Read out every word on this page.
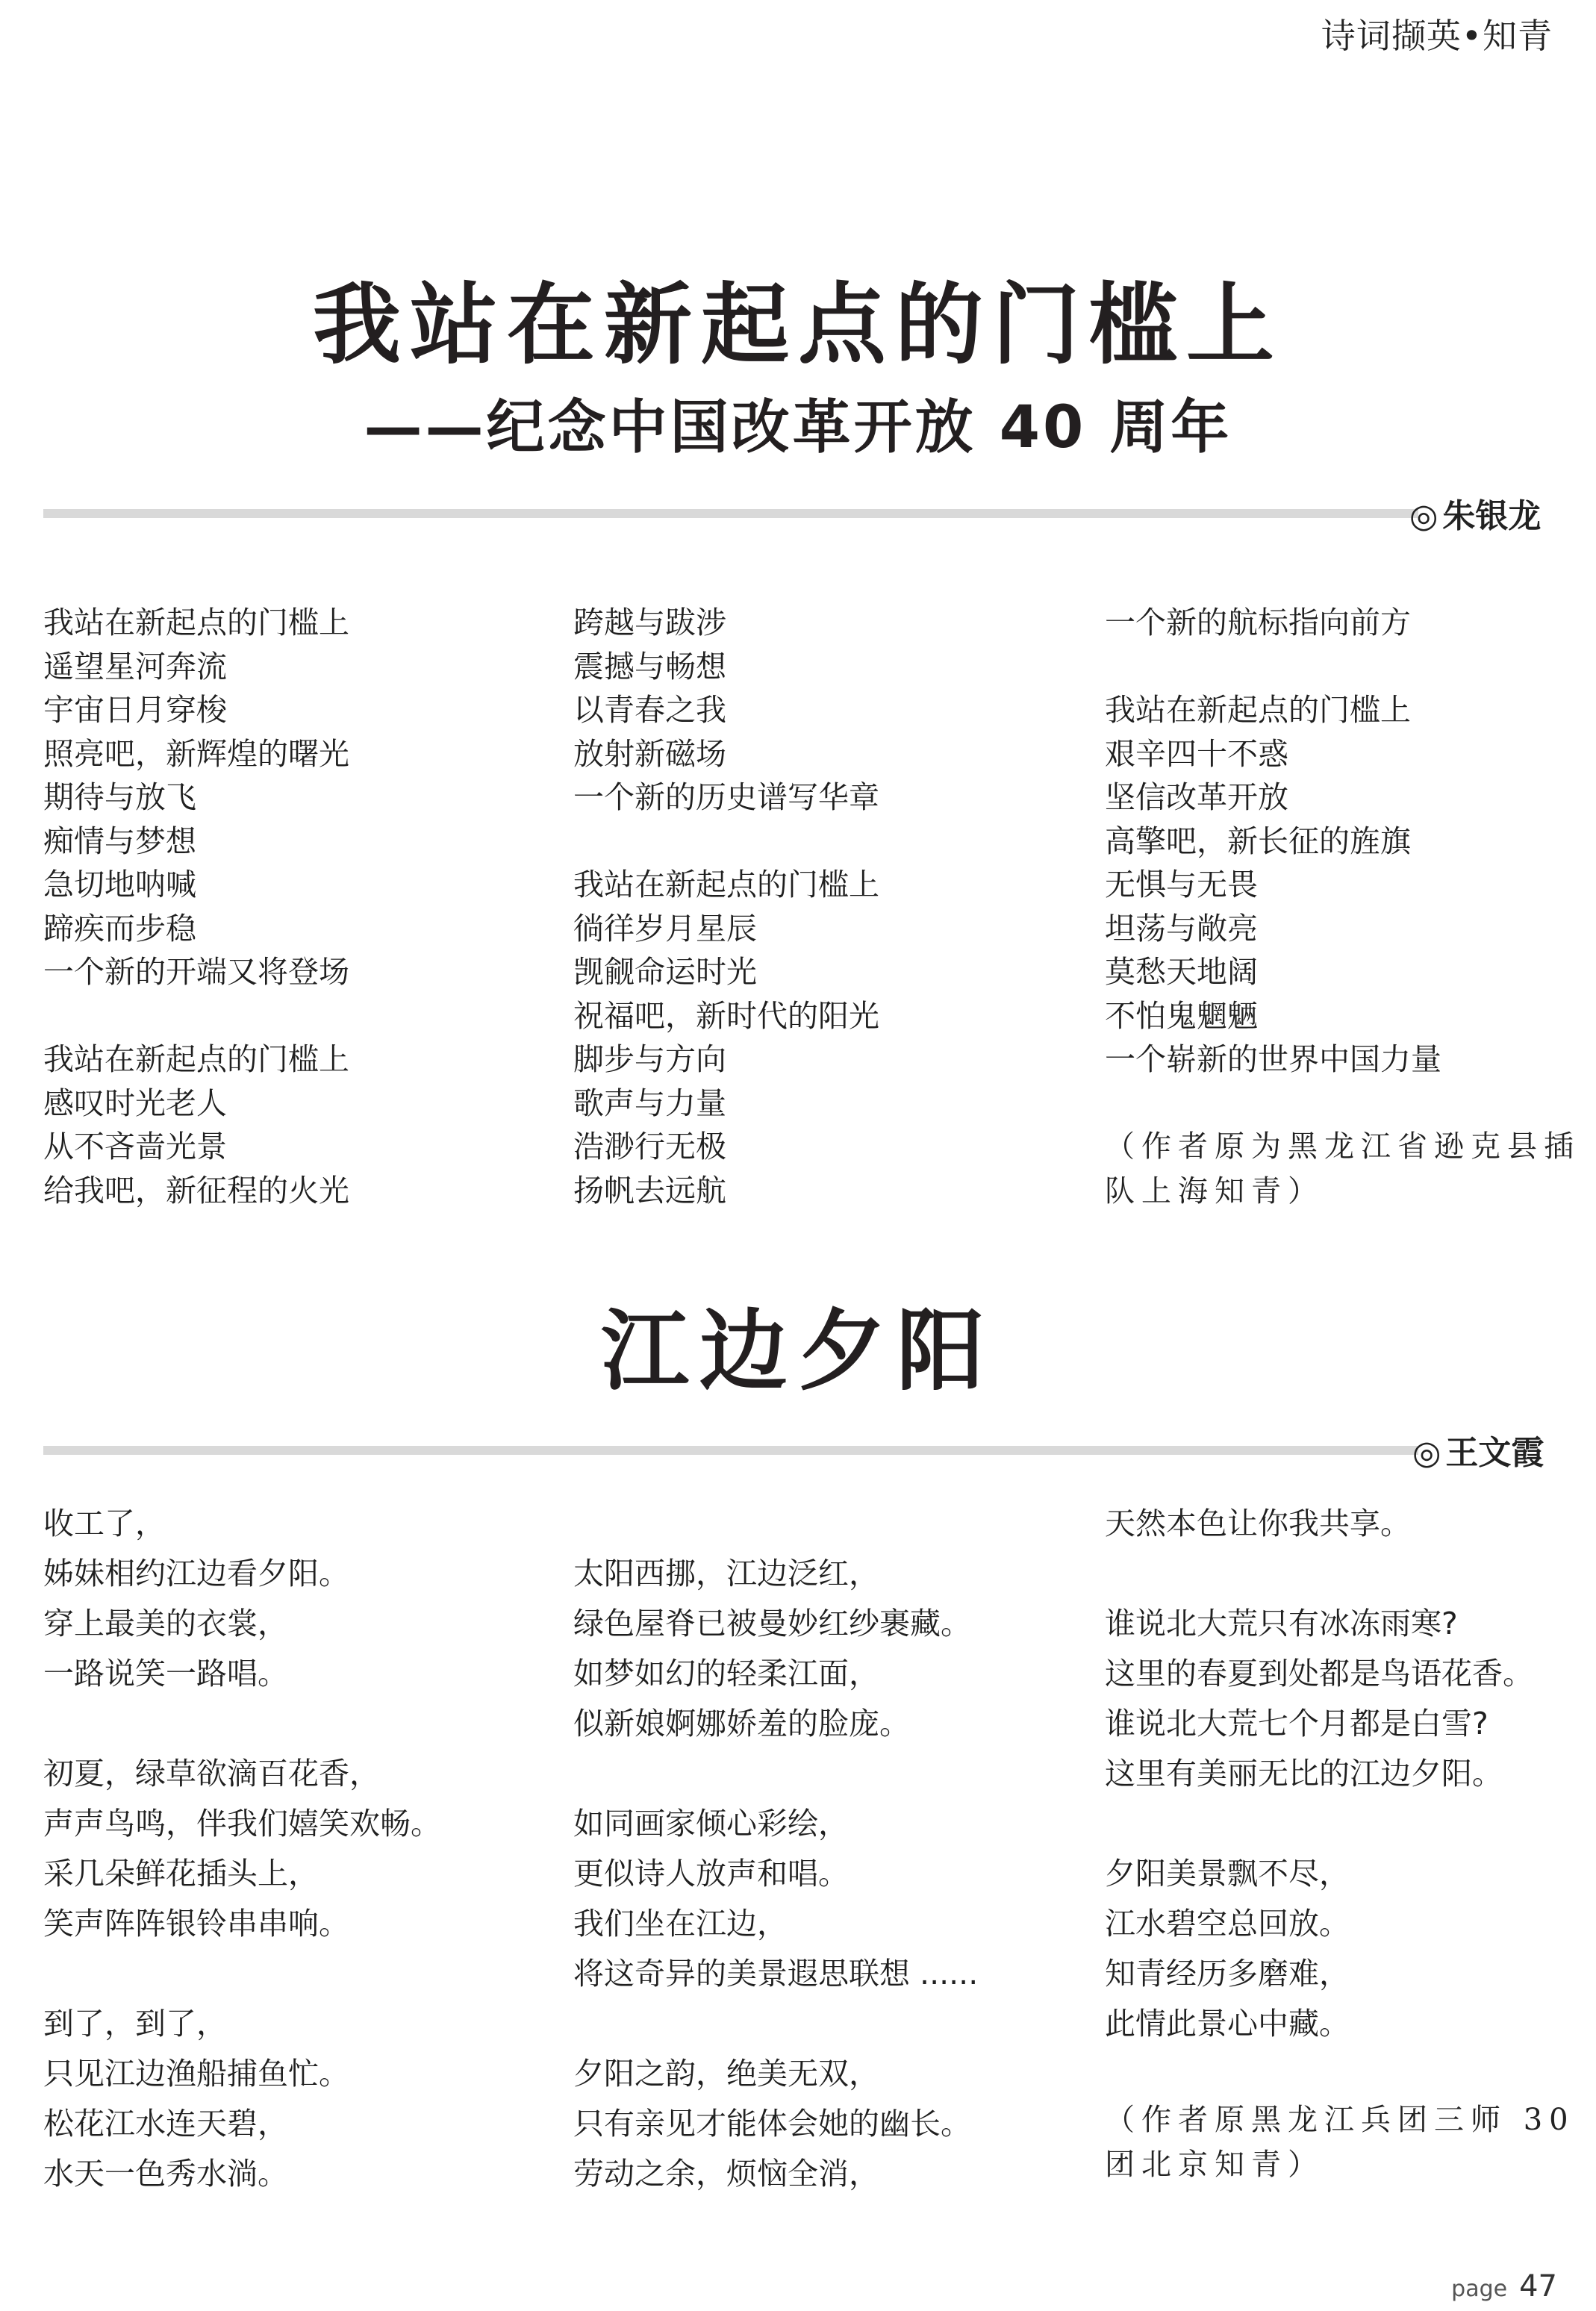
诗词撷英•知青
我站在新起点的门槛上
——纪念中国改革开放 40 周年
◎ 朱银龙
我站在新起点的门槛上
遥望星河奔流
宇宙日月穿梭
照亮吧，新辉煌的曙光
期待与放飞
痴情与梦想
急切地呐喊
蹄疾而步稳
一个新的开端又将登场
我站在新起点的门槛上
感叹时光老人
从不吝啬光景
给我吧，新征程的火光
跨越与跋涉
震撼与畅想
以青春之我
放射新磁场
一个新的历史谱写华章
我站在新起点的门槛上
徜徉岁月星辰
觊觎命运时光
祝福吧，新时代的阳光
脚步与方向
歌声与力量
浩渺行无极
扬帆去远航
一个新的航标指向前方
我站在新起点的门槛上
艰辛四十不惑
坚信改革开放
高擎吧，新长征的旌旗
无惧与无畏
坦荡与敞亮
莫愁天地阔
不怕鬼魍魉
一个崭新的世界中国力量
（作者原为黑龙江省逊克县插队上海知青）
江边夕阳
◎ 王文霞
收工了，
姊妹相约江边看夕阳。
穿上最美的衣裳，
一路说笑一路唱。
初夏，绿草欲滴百花香，
声声鸟鸣，伴我们嬉笑欢畅。
采几朵鲜花插头上，
笑声阵阵银铃串串响。
到了，到了，
只见江边渔船捕鱼忙。
松花江水连天碧，
水天一色秀水淌。
太阳西挪，江边泛红，
绿色屋脊已被曼妙红纱裹藏。
如梦如幻的轻柔江面，
似新娘婀娜娇羞的脸庞。
如同画家倾心彩绘，
更似诗人放声和唱。
我们坐在江边，
将这奇异的美景遐思联想 ......
夕阳之韵，绝美无双，
只有亲见才能体会她的幽长。
劳动之余，烦恼全消，
天然本色让你我共享。
谁说北大荒只有冰冻雨寒?
这里的春夏到处都是鸟语花香。
谁说北大荒七个月都是白雪?
这里有美丽无比的江边夕阳。
夕阳美景飘不尽，
江水碧空总回放。
知青经历多磨难，
此情此景心中藏。
（作者原黑龙江兵团三师 30 团北京知青）
page 47
